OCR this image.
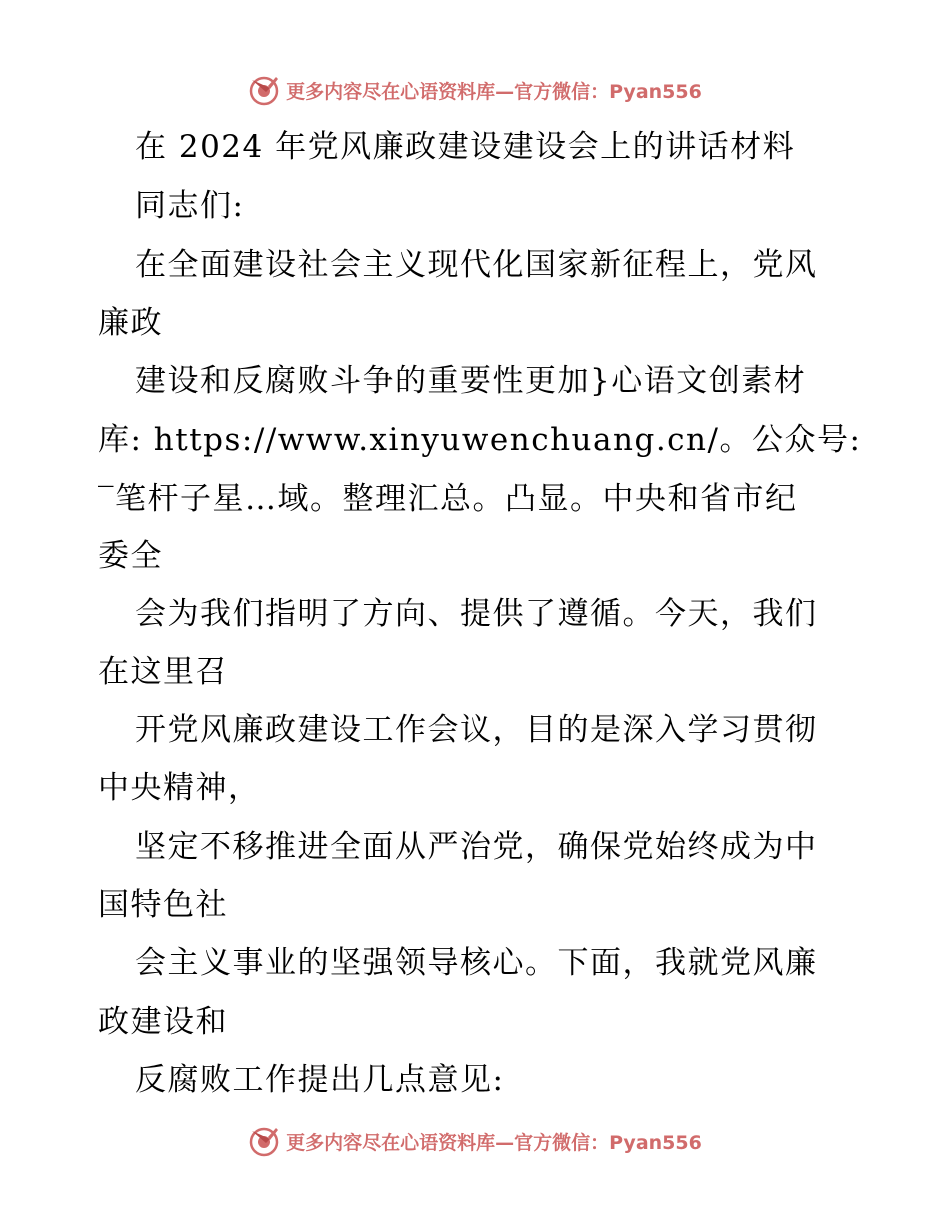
更多内容尽在心语资料库—官方微信：Pyan556
在 2024 年党风廉政建设建设会上的讲话材料
同志们:
在全面建设社会主义现代化国家新征程上，党风
廉政
建设和反腐败斗争的重要性更加}心语文创素材
库: https://www.xinyuwenchuang.cn/。公众号:
‾笔杆子星…域。整理汇总。凸显。中央和省市纪
委全
会为我们指明了方向、提供了遵循。今天，我们
在这里召
开党风廉政建设工作会议，目的是深入学习贯彻
中央精神，
坚定不移推进全面从严治党，确保党始终成为中
国特色社
会主义事业的坚强领导核心。下面，我就党风廉
政建设和
反腐败工作提出几点意见:
更多内容尽在心语资料库—官方微信：Pyan556
